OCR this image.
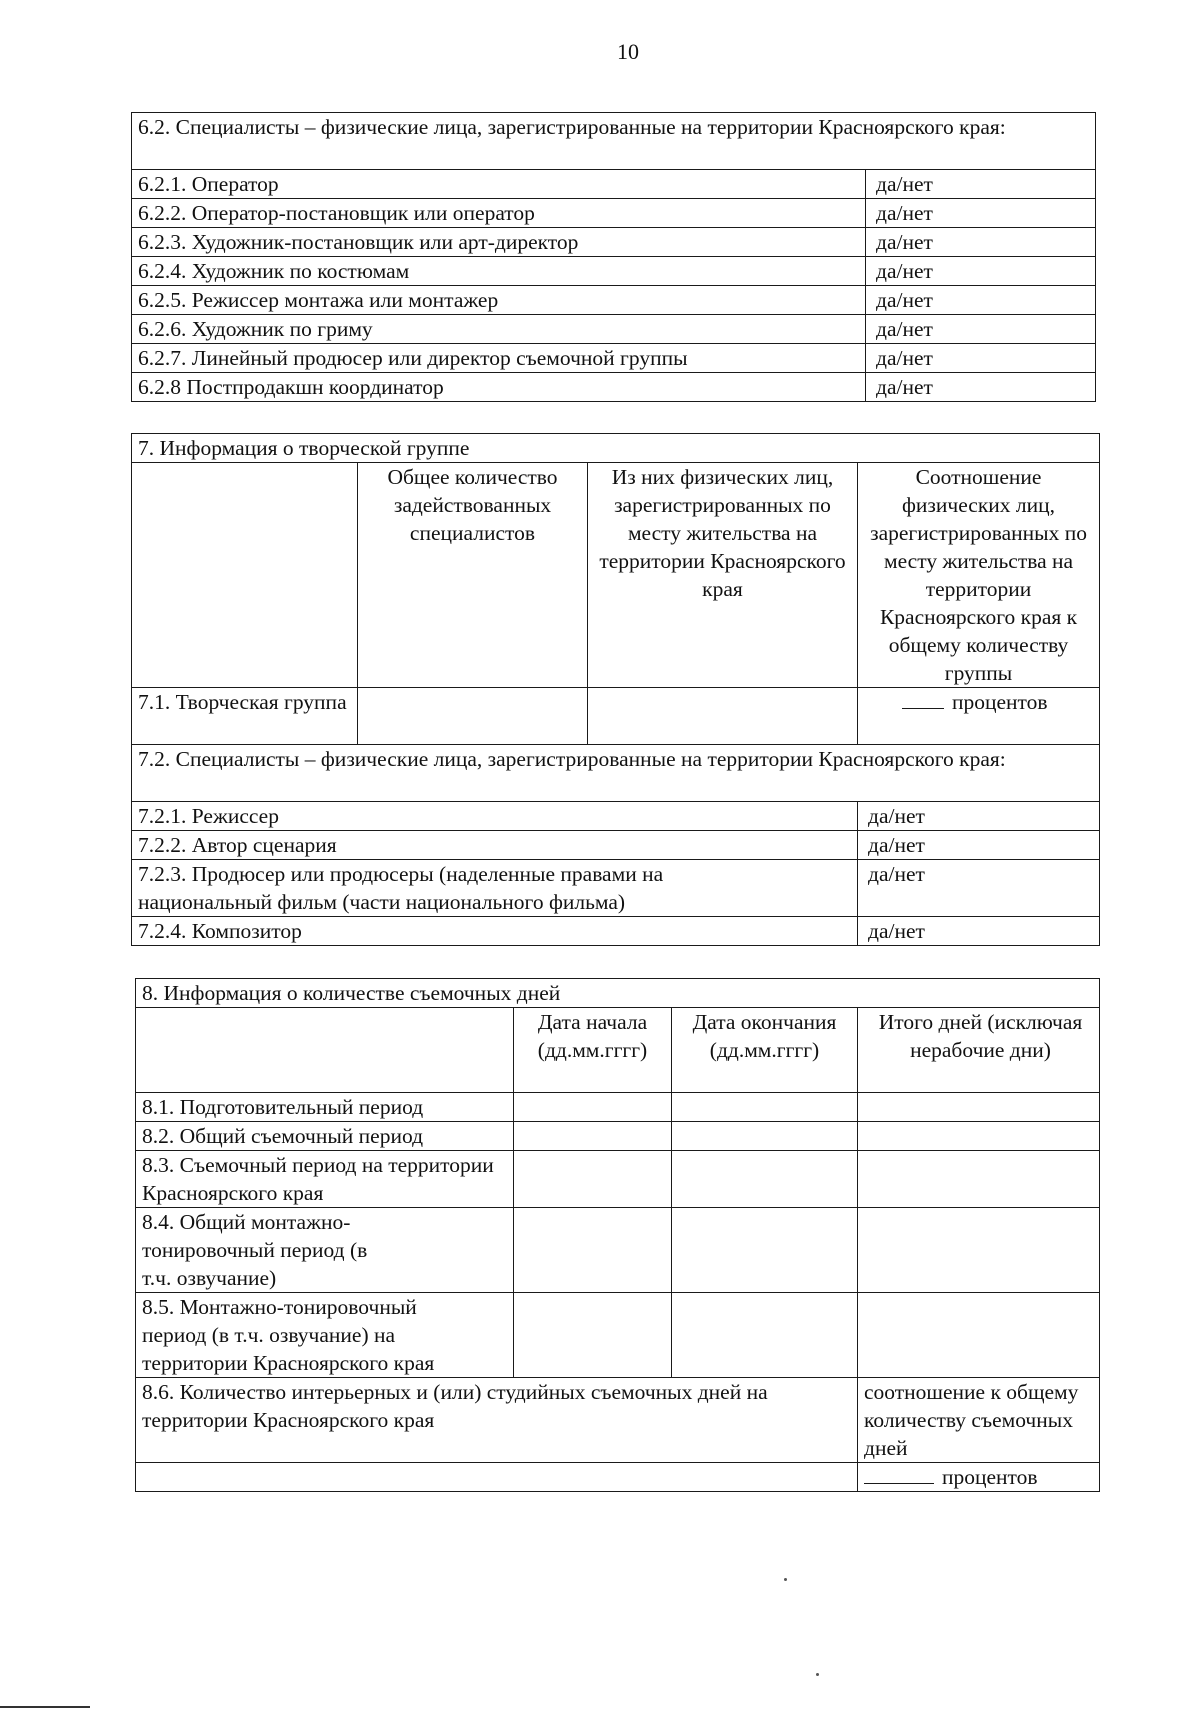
10
6.2. Специалисты – физические лица, зарегистрированные на территории Красноярского края:	
6.2.1. Оператор	да/нет
6.2.2. Оператор-постановщик или оператор	да/нет
6.2.3. Художник-постановщик или арт-директор	да/нет
6.2.4. Художник по костюмам	да/нет
6.2.5. Режиссер монтажа или монтажер	да/нет
6.2.6. Художник по гриму	да/нет
6.2.7. Линейный продюсер или директор съемочной группы	да/нет
6.2.8 Постпродакшн координатор	да/нет
7. Информация о творческой группе			
	Общее количество задействованных специалистов	Из них физических лиц, зарегистрированных по месту жительства на территории Красноярского края	Соотношение физических лиц, зарегистрированных по месту жительства на территории Красноярского края к общему количеству группы
7.1. Творческая группа			процентов
7.2. Специалисты – физические лица, зарегистрированные на территории Красноярского края:			
7.2.1. Режиссер			да/нет
7.2.2. Автор сценария			да/нет
7.2.3. Продюсер или продюсеры (наделенные правами на национальный фильм (части национального фильма)			да/нет
7.2.4. Композитор			да/нет
8. Информация о количестве съемочных дней			
	Дата начала (дд.мм.гггг)	Дата окончания (дд.мм.гггг)	Итого дней (исключая нерабочие дни)
8.1. Подготовительный период			
8.2. Общий съемочный период			
8.3. Съемочный период на территории Красноярского края			
8.4. Общий монтажно-тонировочный период (в т.ч. озвучание)			
8.5. Монтажно-тонировочный период (в т.ч. озвучание) на территории Красноярского края			
8.6. Количество интерьерных и (или) студийных съемочных дней на территории Красноярского края			соотношение к общему количеству съемочных дней
			процентов
